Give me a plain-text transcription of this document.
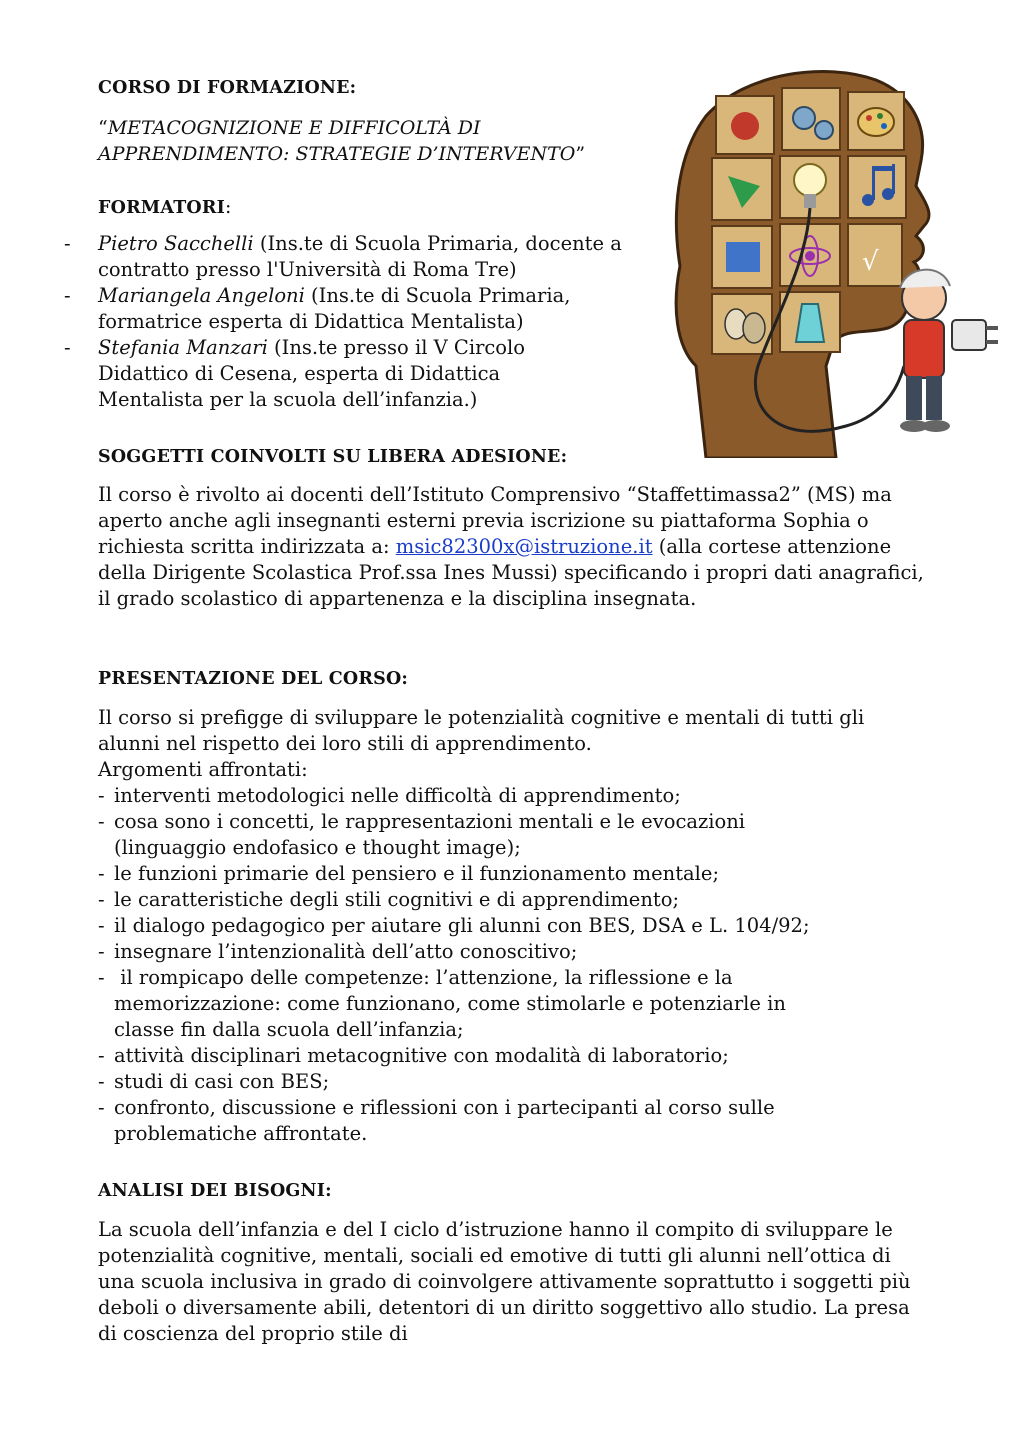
CORSO DI FORMAZIONE:
“METACOGNIZIONE E DIFFICOLTÀ DI APPRENDIMENTO: STRATEGIE D’INTERVENTO”
FORMATORI:
-	Pietro Sacchelli (Ins.te di Scuola Primaria, docente a contratto presso l'Università di Roma Tre)
-	Mariangela Angeloni (Ins.te di Scuola Primaria, formatrice esperta di Didattica Mentalista)
-	Stefania Manzari (Ins.te presso il V Circolo Didattico di Cesena, esperta di Didattica Mentalista per la scuola dell’infanzia.)
√
SOGGETTI COINVOLTI SU LIBERA ADESIONE:
Il corso è rivolto ai docenti dell’Istituto Comprensivo “Staffettimassa2” (MS) ma aperto anche agli insegnanti esterni previa iscrizione su piattaforma Sophia o richiesta scritta indirizzata a: msic82300x@istruzione.it (alla cortese attenzione della Dirigente Scolastica Prof.ssa Ines Mussi) specificando i propri dati anagrafici, il grado scolastico di appartenenza e la disciplina insegnata.
PRESENTAZIONE DEL CORSO:
Il corso si prefigge di sviluppare le potenzialità cognitive e mentali di tutti gli alunni nel rispetto dei loro stili di apprendimento.
Argomenti affrontati:
- interventi metodologici nelle difficoltà di apprendimento;
- cosa sono i concetti, le rappresentazioni mentali e le evocazioni (linguaggio endofasico e thought image);
- le funzioni primarie del pensiero e il funzionamento mentale;
- le caratteristiche degli stili cognitivi e di apprendimento;
- il dialogo pedagogico per aiutare gli alunni con BES, DSA e L. 104/92;
- insegnare l’intenzionalità dell’atto conoscitivo;
- il rompicapo delle competenze: l’attenzione, la riflessione e la memorizzazione: come funzionano, come stimolarle e potenziarle in classe fin dalla scuola dell’infanzia;
- attività disciplinari metacognitive con modalità di laboratorio;
- studi di casi con BES;
- confronto, discussione e riflessioni con i partecipanti al corso sulle problematiche affrontate.
ANALISI DEI BISOGNI:
La scuola dell’infanzia e del I ciclo d’istruzione hanno il compito di sviluppare le potenzialità cognitive, mentali, sociali ed emotive di tutti gli alunni nell’ottica di una scuola inclusiva in grado di coinvolgere attivamente soprattutto i soggetti più deboli o diversamente abili, detentori di un diritto soggettivo allo studio. La presa di coscienza del proprio stile di
